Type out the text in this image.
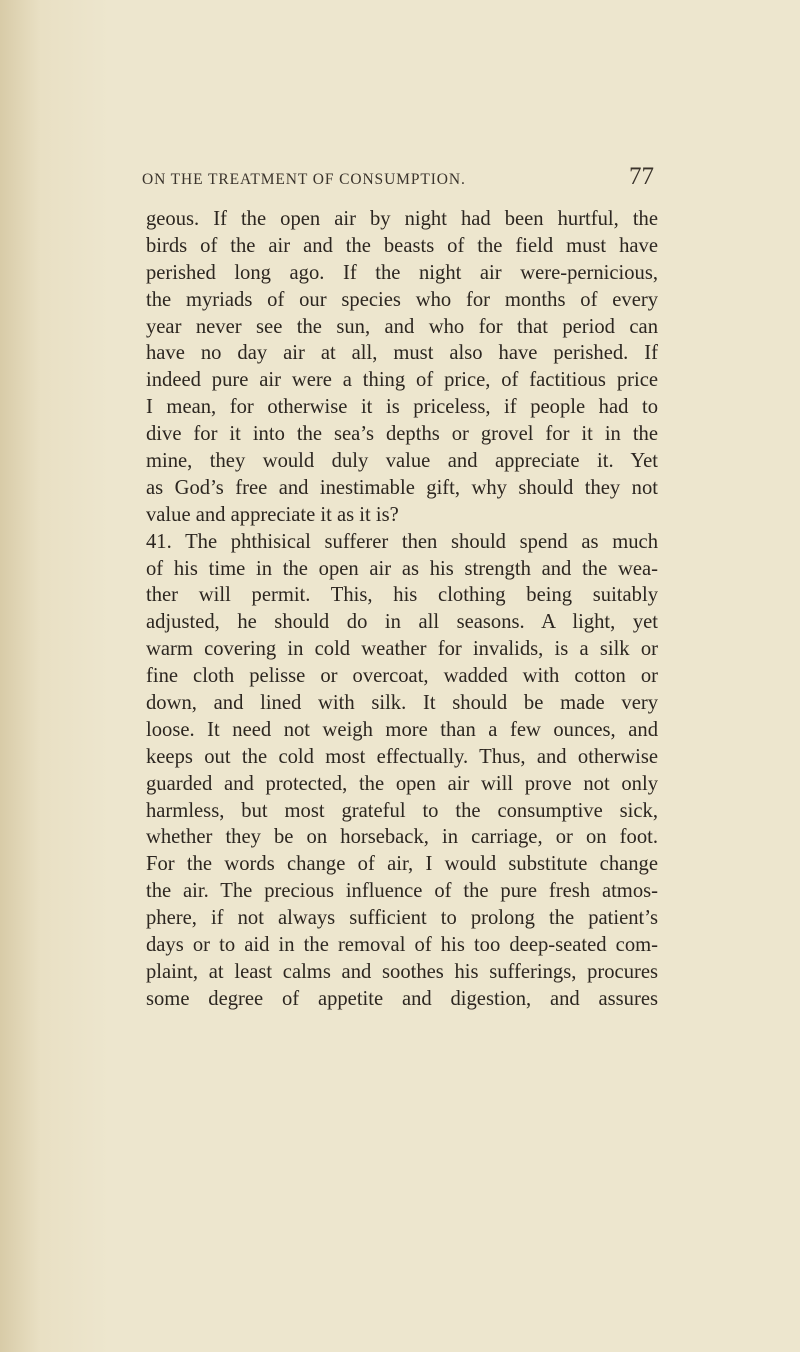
ON THE TREATMENT OF CONSUMPTION.	77
geous. If the open air by night had been hurtful, the
birds of the air and the beasts of the field must have
perished long ago. If the night air were-pernicious,
the myriads of our species who for months of every
year never see the sun, and who for that period can
have no day air at all, must also have perished. If
indeed pure air were a thing of price, of factitious price
I mean, for otherwise it is priceless, if people had to
dive for it into the sea’s depths or grovel for it in the
mine, they would duly value and appreciate it. Yet
as God’s free and inestimable gift, why should they not
value and appreciate it as it is?
41. The phthisical sufferer then should spend as much
of his time in the open air as his strength and the wea-
ther will permit. This, his clothing being suitably
adjusted, he should do in all seasons. A light, yet
warm covering in cold weather for invalids, is a silk or
fine cloth pelisse or overcoat, wadded with cotton or
down, and lined with silk. It should be made very
loose. It need not weigh more than a few ounces, and
keeps out the cold most effectually. Thus, and otherwise
guarded and protected, the open air will prove not only
harmless, but most grateful to the consumptive sick,
whether they be on horseback, in carriage, or on foot.
For the words change of air, I would substitute change
the air. The precious influence of the pure fresh atmos-
phere, if not always sufficient to prolong the patient’s
days or to aid in the removal of his too deep-seated com-
plaint, at least calms and soothes his sufferings, procures
some degree of appetite and digestion, and assures
